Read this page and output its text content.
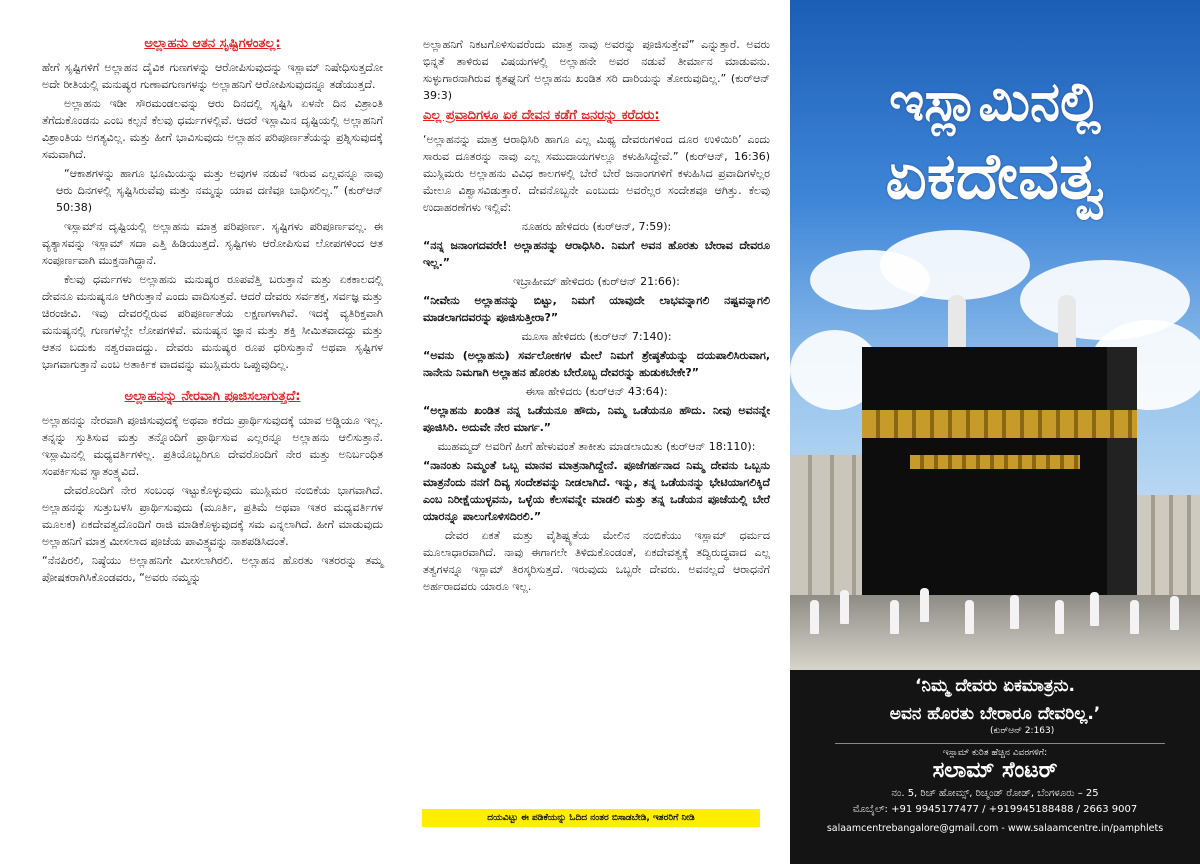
ಅಲ್ಲಾಹನು ಆತನ ಸೃಷ್ಟಿಗಳಂತಲ್ಲ:
ಹೇಗೆ ಸೃಷ್ಟಿಗಳಿಗೆ ಅಲ್ಲಾಹನ ದೈವಿಕ ಗುಣಗಳನ್ನು ಆರೋಪಿಸುವುದನ್ನು ಇಸ್ಲಾಮ್ ನಿಷೇಧಿಸುತ್ತದೋ ಅದೇ ರೀತಿಯಲ್ಲಿ ಮನುಷ್ಯರ ಗುಣಾವಗುಣಗಳನ್ನು ಅಲ್ಲಾಹನಿಗೆ ಆರೋಪಿಸುವುದನ್ನೂ ತಡೆಯುತ್ತದೆ.
ಅಲ್ಲಾಹನು ಇಡೀ ಸೌರಮಂಡಲವನ್ನು ಆರು ದಿನದಲ್ಲಿ ಸೃಷ್ಟಿಸಿ ಏಳನೇ ದಿನ ವಿಶ್ರಾಂತಿ ತೆಗೆದುಕೊಂಡನು ಎಂಬ ಕಲ್ಪನೆ ಕೆಲವು ಧರ್ಮಗಳಲ್ಲಿವೆ. ಆದರೆ ಇಸ್ಲಾಮಿನ ದೃಷ್ಟಿಯಲ್ಲಿ ಅಲ್ಲಾಹನಿಗೆ ವಿಶ್ರಾಂತಿಯ ಅಗತ್ಯವಿಲ್ಲ. ಮತ್ತು ಹೀಗೆ ಭಾವಿಸುವುದು ಅಲ್ಲಾಹನ ಪರಿಪೂರ್ಣತೆಯನ್ನು ಪ್ರಶ್ನಿಸುವುದಕ್ಕೆ ಸಮವಾಗಿದೆ.
“ಆಕಾಶಗಳನ್ನು ಹಾಗೂ ಭೂಮಿಯನ್ನು ಮತ್ತು ಅವುಗಳ ನಡುವೆ ಇರುವ ಎಲ್ಲವನ್ನೂ ನಾವು ಆರು ದಿನಗಳಲ್ಲಿ ಸೃಷ್ಟಿಸಿರುವೆವು ಮತ್ತು ನಮ್ಮನ್ನು ಯಾವ ದಣಿವೂ ಬಾಧಿಸಲಿಲ್ಲ.” (ಕುರ್‌ಆನ್ 50:38)
ಇಸ್ಲಾಮ್‌ನ ದೃಷ್ಟಿಯಲ್ಲಿ ಅಲ್ಲಾಹನು ಮಾತ್ರ ಪರಿಪೂರ್ಣ. ಸೃಷ್ಟಿಗಳು ಪರಿಪೂರ್ಣವಲ್ಲ. ಈ ವ್ಯತ್ಯಾಸವನ್ನು ಇಸ್ಲಾಮ್ ಸದಾ ಎತ್ತಿ ಹಿಡಿಯುತ್ತದೆ. ಸೃಷ್ಟಿಗಳು ಆರೋಪಿಸುವ ಲೋಪಗಳಿಂದ ಆತ ಸಂಪೂರ್ಣವಾಗಿ ಮುಕ್ತನಾಗಿದ್ದಾನೆ.
ಕೆಲವು ಧರ್ಮಗಳು ಅಲ್ಲಾಹನು ಮನುಷ್ಯರ ರೂಪವೆತ್ತಿ ಬರುತ್ತಾನೆ ಮತ್ತು ಏಕಕಾಲದಲ್ಲಿ ದೇವನೂ ಮನುಷ್ಯನೂ ಆಗಿರುತ್ತಾನೆ ಎಂದು ವಾದಿಸುತ್ತವೆ. ಆದರೆ ದೇವರು ಸರ್ವಶಕ್ತ, ಸರ್ವಜ್ಞ ಮತ್ತು ಚಿರಂಜೀವಿ. ಇವು ದೇವರಲ್ಲಿರುವ ಪರಿಪೂರ್ಣತೆಯ ಲಕ್ಷಣಗಳಾಗಿವೆ. ಇದಕ್ಕೆ ವ್ಯತಿರಿಕ್ತವಾಗಿ ಮನುಷ್ಯನಲ್ಲಿ ಗುಣಗಳೆಲ್ಲೇ ಲೋಪಗಳಿವೆ. ಮನುಷ್ಯನ ಜ್ಞಾನ ಮತ್ತು ಶಕ್ತಿ ಸೀಮಿತವಾದದ್ದು ಮತ್ತು ಆತನ ಬದುಕು ನಶ್ವರವಾದದ್ದು. ದೇವರು ಮನುಷ್ಯರ ರೂಪ ಧರಿಸುತ್ತಾನೆ ಅಥವಾ ಸೃಷ್ಟಿಗಳ ಭಾಗವಾಗುತ್ತಾನೆ ಎಂಬ ಅತಾರ್ಕಿಕ ವಾದವನ್ನು ಮುಸ್ಲಿಮರು ಒಪ್ಪುವುದಿಲ್ಲ.
ಅಲ್ಲಾಹನನ್ನು ನೇರವಾಗಿ ಪೂಜಿಸಲಾಗುತ್ತದೆ:
ಅಲ್ಲಾಹನನ್ನು ನೇರವಾಗಿ ಪೂಜಿಸುವುದಕ್ಕೆ ಅಥವಾ ಕರೆದು ಪ್ರಾರ್ಥಿಸುವುದಕ್ಕೆ ಯಾವ ಅಡ್ಡಿಯೂ ಇಲ್ಲ. ತನ್ನನ್ನು ಸ್ತುತಿಸುವ ಮತ್ತು ತನ್ನೊಂದಿಗೆ ಪ್ರಾರ್ಥಿಸುವ ಎಲ್ಲರನ್ನೂ ಅಲ್ಲಾಹನು ಆಲಿಸುತ್ತಾನೆ. ಇಸ್ಲಾಮಿನಲ್ಲಿ ಮಧ್ಯವರ್ತಿಗಳಿಲ್ಲ. ಪ್ರತಿಯೊಬ್ಬರಿಗೂ ದೇವರೊಂದಿಗೆ ನೇರ ಮತ್ತು ಅನಿರ್ಬಂಧಿತ ಸಂಪರ್ಕಿಸುವ ಸ್ವಾತಂತ್ರ್ಯವಿದೆ.
ದೇವರೊಂದಿಗೆ ನೇರ ಸಂಬಂಧ ಇಟ್ಟುಕೊಳ್ಳುವುದು ಮುಸ್ಲಿಮರ ನಂಬಿಕೆಯ ಭಾಗವಾಗಿದೆ. ಅಲ್ಲಾಹನನ್ನು ಸುತ್ತುಬಳಸಿ ಪ್ರಾರ್ಥಿಸುವುದು (ಮೂರ್ತಿ, ಪ್ರತಿಮೆ ಅಥವಾ ಇತರ ಮಧ್ಯವರ್ತಿಗಳ ಮೂಲಕ) ಏಕದೇವತ್ವದೊಂದಿಗೆ ರಾಜಿ ಮಾಡಿಕೊಳ್ಳುವುದಕ್ಕೆ ಸಮ ಎನ್ನಲಾಗಿದೆ. ಹೀಗೆ ಮಾಡುವುದು ಅಲ್ಲಾಹನಿಗೆ ಮಾತ್ರ ಮೀಸಲಾದ ಪೂಜೆಯ ಪಾವಿತ್ರ್ಯವನ್ನು ನಾಶಪಡಿಸಿದಂತೆ.
“ನೆನಪಿರಲಿ, ನಿಷ್ಠೆಯು ಅಲ್ಲಾಹನಿಗೇ ಮೀಸಲಾಗಿರಲಿ. ಅಲ್ಲಾಹನ ಹೊರತು ಇತರರನ್ನು ತಮ್ಮ ಪೋಷಕರಾಗಿಸಿಕೊಂಡವರು, “ಅವರು ನಮ್ಮನ್ನು
ಅಲ್ಲಾಹನಿಗೆ ನಿಕಟಗೊಳಿಸುವರೆಂದು ಮಾತ್ರ ನಾವು ಅವರನ್ನು ಪೂಜಿಸುತ್ತೇವೆ” ಎನ್ನುತ್ತಾರೆ. ಅವರು ಭಿನ್ನತೆ ತಾಳಿರುವ ವಿಷಯಗಳಲ್ಲಿ ಅಲ್ಲಾಹನೇ ಅವರ ನಡುವೆ ತೀರ್ಮಾನ ಮಾಡುವನು. ಸುಳ್ಳುಗಾರನಾಗಿರುವ ಕೃತಘ್ನನಿಗೆ ಅಲ್ಲಾಹನು ಖಂಡಿತ ಸರಿ ದಾರಿಯನ್ನು ತೋರುವುದಿಲ್ಲ.” (ಕುರ್‌ಆನ್ 39:3)
ಎಲ್ಲ ಪ್ರವಾದಿಗಳೂ ಏಕ ದೇವನ ಕಡೆಗೆ ಜನರನ್ನು ಕರೆದರು:
‘ಅಲ್ಲಾಹನನ್ನು ಮಾತ್ರ ಆರಾಧಿಸಿರಿ ಹಾಗೂ ಎಲ್ಲ ಮಿಥ್ಯ ದೇವರುಗಳಿಂದ ದೂರ ಉಳಿಯಿರಿ’ ಎಂದು ಸಾರುವ ದೂತರನ್ನು ನಾವು ಎಲ್ಲ ಸಮುದಾಯಗಳಲ್ಲೂ ಕಳುಹಿಸಿದ್ದೇವೆ.” (ಕುರ್‌ಆನ್, 16:36) ಮುಸ್ಲಿಮರು ಅಲ್ಲಾಹನು ವಿವಿಧ ಕಾಲಗಳಲ್ಲಿ ಬೇರೆ ಬೇರೆ ಜನಾಂಗಗಳಿಗೆ ಕಳುಹಿಸಿದ ಪ್ರವಾದಿಗಳೆಲ್ಲರ ಮೇಲೂ ವಿಶ್ವಾಸವಿಡುತ್ತಾರೆ. ದೇವನೊಬ್ಬನೇ ಎಂಬುದು ಅವರೆಲ್ಲರ ಸಂದೇಶವೂ ಆಗಿತ್ತು. ಕೆಲವು ಉದಾಹರಣೆಗಳು ಇಲ್ಲಿವೆ:
ನೂಹರು ಹೇಳಿದರು (ಕುರ್‌ಆನ್, 7:59):
“ನನ್ನ ಜನಾಂಗದವರೇ! ಅಲ್ಲಾಹನನ್ನು ಆರಾಧಿಸಿರಿ. ನಿಮಗೆ ಅವನ ಹೊರತು ಬೇರಾವ ದೇವರೂ ಇಲ್ಲ.”
ಇಬ್ರಾಹೀಮ್ ಹೇಳಿದರು (ಕುರ್‌ಆನ್ 21:66):
“ನೀವೇನು ಅಲ್ಲಾಹನನ್ನು ಬಿಟ್ಟು, ನಿಮಗೆ ಯಾವುದೇ ಲಾಭವನ್ನಾಗಲಿ ನಷ್ಟವನ್ನಾಗಲಿ ಮಾಡಲಾಗದವರನ್ನು ಪೂಜಿಸುತ್ತೀರಾ?”
ಮೂಸಾ ಹೇಳಿದರು (ಕುರ್‌ಆನ್ 7:140):
“ಅವನು (ಅಲ್ಲಾಹನು) ಸರ್ವಲೋಕಗಳ ಮೇಲೆ ನಿಮಗೆ ಶ್ರೇಷ್ಠತೆಯನ್ನು ದಯಪಾಲಿಸಿರುವಾಗ, ನಾನೇನು ನಿಮಗಾಗಿ ಅಲ್ಲಾಹನ ಹೊರತು ಬೇರೊಬ್ಬ ದೇವರನ್ನು ಹುಡುಕಬೇಕೇ?”
ಈಸಾ ಹೇಳಿದರು (ಕುರ್‌ಆನ್ 43:64):
“ಅಲ್ಲಾಹನು ಖಂಡಿತ ನನ್ನ ಒಡೆಯನೂ ಹೌದು, ನಿಮ್ಮ ಒಡೆಯನೂ ಹೌದು. ನೀವು ಅವನನ್ನೇ ಪೂಜಿಸಿರಿ. ಅದುವೇ ನೇರ ಮಾರ್ಗ.”
ಮುಹಮ್ಮದ್ ಅವರಿಗೆ ಹೀಗೆ ಹೇಳುವಂತೆ ತಾಕೀತು ಮಾಡಲಾಯಿತು (ಕುರ್‌ಆನ್ 18:110):
“ನಾನಂತು ನಿಮ್ಮಂತೆ ಒಬ್ಬ ಮಾನವ ಮಾತ್ರನಾಗಿದ್ದೇನೆ. ಪೂಜೆಗರ್ಹನಾದ ನಿಮ್ಮ ದೇವನು ಒಬ್ಬನು ಮಾತ್ರನೆಂದು ನನಗೆ ದಿವ್ಯ ಸಂದೇಶವನ್ನು ನೀಡಲಾಗಿದೆ. ಇನ್ನು, ತನ್ನ ಒಡೆಯನನ್ನು ಭೇಟಿಯಾಗಲಿಕ್ಕಿದೆ ಎಂಬ ನಿರೀಕ್ಷೆಯುಳ್ಳವನು, ಒಳ್ಳೆಯ ಕೆಲಸವನ್ನೇ ಮಾಡಲಿ ಮತ್ತು ತನ್ನ ಒಡೆಯನ ಪೂಜೆಯಲ್ಲಿ ಬೇರೆ ಯಾರನ್ನೂ ಪಾಲುಗೊಳಿಸದಿರಲಿ.”
ದೇವರ ಏಕತೆ ಮತ್ತು ವೈಶಿಷ್ಟ್ಯತೆಯ ಮೇಲಿನ ನಂಬಿಕೆಯು ಇಸ್ಲಾಮ್ ಧರ್ಮದ ಮೂಲಾಧಾರವಾಗಿದೆ. ನಾವು ಈಗಾಗಲೇ ತಿಳಿದುಕೊಂಡಂತೆ, ಏಕದೇವತ್ವಕ್ಕೆ ತದ್ವಿರುದ್ಧವಾದ ಎಲ್ಲ ತತ್ವಗಳನ್ನೂ ಇಸ್ಲಾಮ್ ತಿರಸ್ಕರಿಸುತ್ತದೆ. ಇರುವುದು ಒಬ್ಬರೇ ದೇವರು. ಅವನಲ್ಲದೆ ಆರಾಧನೆಗೆ ಅರ್ಹರಾದವರು ಯಾರೂ ಇಲ್ಲ.
ದಯವಿಟ್ಟು ಈ ಪಡಿಕೆಯನ್ನು ಓದಿದ ನಂತರ ಬಿಸಾಡಬೇಡಿ, ಇತರರಿಗೆ ನೀಡಿ
ಇಸ್ಲಾಮಿನಲ್ಲಿ
ಏಕದೇವತ್ವ
‘ನಿಮ್ಮ ದೇವರು ಏಕಮಾತ್ರನು.
ಅವನ ಹೊರತು ಬೇರಾರೂ ದೇವರಿಲ್ಲ.’
(ಕುರ್‌ಆನ್ 2:163)
ಇಸ್ಲಾಮ್ ಕುರಿತ ಹೆಚ್ಚಿನ ವಿವರಗಳಿಗೆ:
ಸಲಾಮ್ ಸೆಂಟರ್
ನಂ. 5, ರಿಚ್ ಹೋಮ್ಸ್, ರಿಚ್ಮಂಡ್ ರೋಡ್, ಬೆಂಗಳೂರು – 25
ಮೊಬೈಲ್: +91 9945177477 / +919945188488 / 2663 9007
salaamcentrebangalore@gmail.com - www.salaamcentre.in/pamphlets
